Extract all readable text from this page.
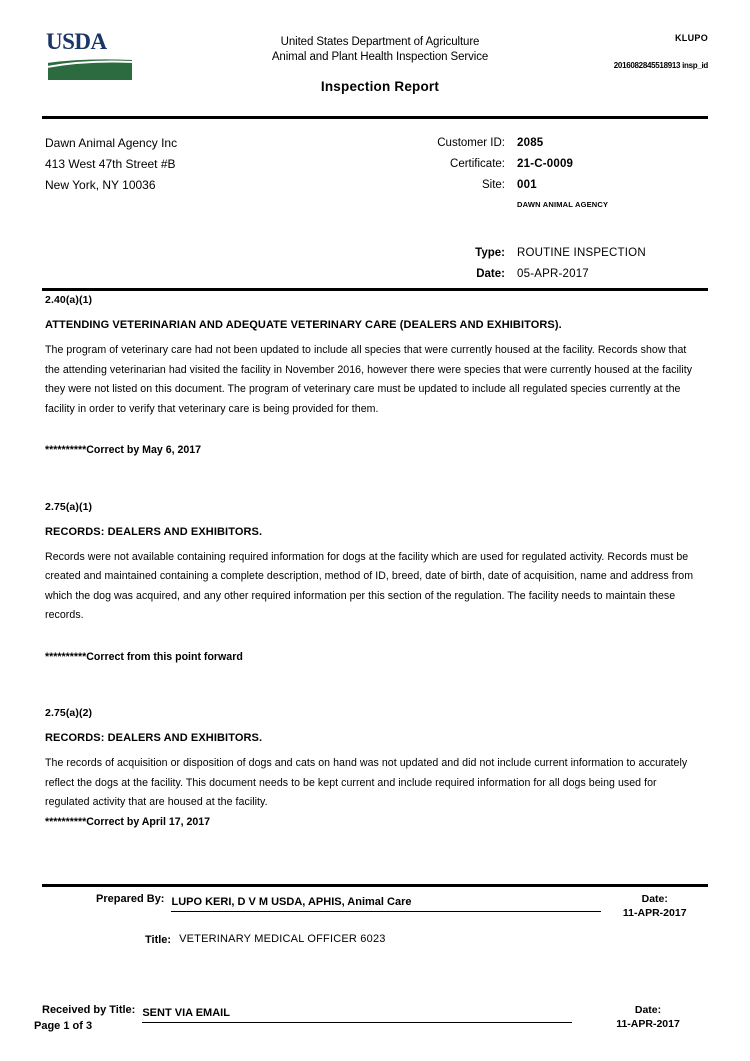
USDA	United States Department of Agriculture
Animal and Plant Health Inspection Service
Inspection Report
KLUPO
2016082845518913 insp_id
Dawn Animal Agency Inc
413 West 47th Street #B
New York, NY 10036
Customer ID:	2085
Certificate:	21-C-0009
Site:	001
DAWN ANIMAL AGENCY
Type:	ROUTINE INSPECTION
Date:	05-APR-2017
2.40(a)(1)
ATTENDING VETERINARIAN AND ADEQUATE VETERINARY CARE (DEALERS AND EXHIBITORS).
The program of veterinary care had not been updated to include all species that were currently housed at the facility. Records show that the attending veterinarian had visited the facility in November 2016, however there were species that were currently housed at the facility they were not listed on this document. The program of veterinary care must be updated to include all regulated species currently at the facility in order to verify that veterinary care is being provided for them.
**********Correct by May 6, 2017
2.75(a)(1)
RECORDS: DEALERS AND EXHIBITORS.
Records were not available containing required information for dogs at the facility which are used for regulated activity. Records must be created and maintained containing a complete description, method of ID, breed, date of birth, date of acquisition, name and address from which the dog was acquired, and any other required information per this section of the regulation. The facility needs to maintain these records.
**********Correct from this point forward
2.75(a)(2)
RECORDS: DEALERS AND EXHIBITORS.
The records of acquisition or disposition of dogs and cats on hand was not updated and did not include current information to accurately reflect the dogs at the facility. This document needs to be kept current and include required information for all dogs being used for regulated activity that are housed at the facility.
**********Correct by April 17, 2017
Prepared By: LUPO KERI, D V M USDA, APHIS, Animal Care	Date:
11-APR-2017
Title: VETERINARY MEDICAL OFFICER 6023
Received by Title: SENT VIA EMAIL	Date:
11-APR-2017
Page 1 of 3
